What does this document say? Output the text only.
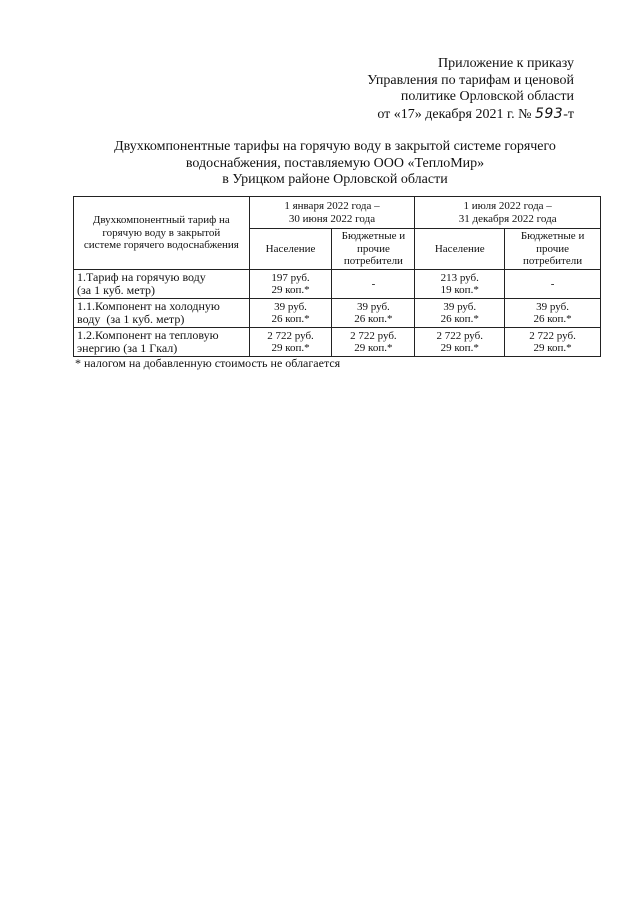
Приложение к приказу
Управления по тарифам и ценовой
политике Орловской области
от «17» декабря 2021 г. № 593-т
Двухкомпонентные тарифы на горячую воду в закрытой системе горячего
водоснабжения, поставляемую ООО «ТеплоМир»
в Урицком районе Орловской области
Двухкомпонентный тариф на
горячую воду в закрытой
системе горячего водоснабжения	1 января 2022 года –
30 июня 2022 года		1 июля 2022 года –
31 декабря 2022 года	

	Население	Бюджетные и
прочие
потребители	Население	Бюджетные и
прочие
потребители

1.Тариф на горячую воду
(за 1 куб. метр)	197 руб.
29 коп.*	-	213 руб.
19 коп.*	-

1.1.Компонент на холодную
воду  (за 1 куб. метр)	39 руб.
26 коп.*	39 руб.
26 коп.*	39 руб.
26 коп.*	39 руб.
26 коп.*

1.2.Компонент на тепловую
энергию (за 1 Гкал)	2 722 руб.
29 коп.*	2 722 руб.
29 коп.*	2 722 руб.
29 коп.*	2 722 руб.
29 коп.*
* налогом на добавленную стоимость не облагается
